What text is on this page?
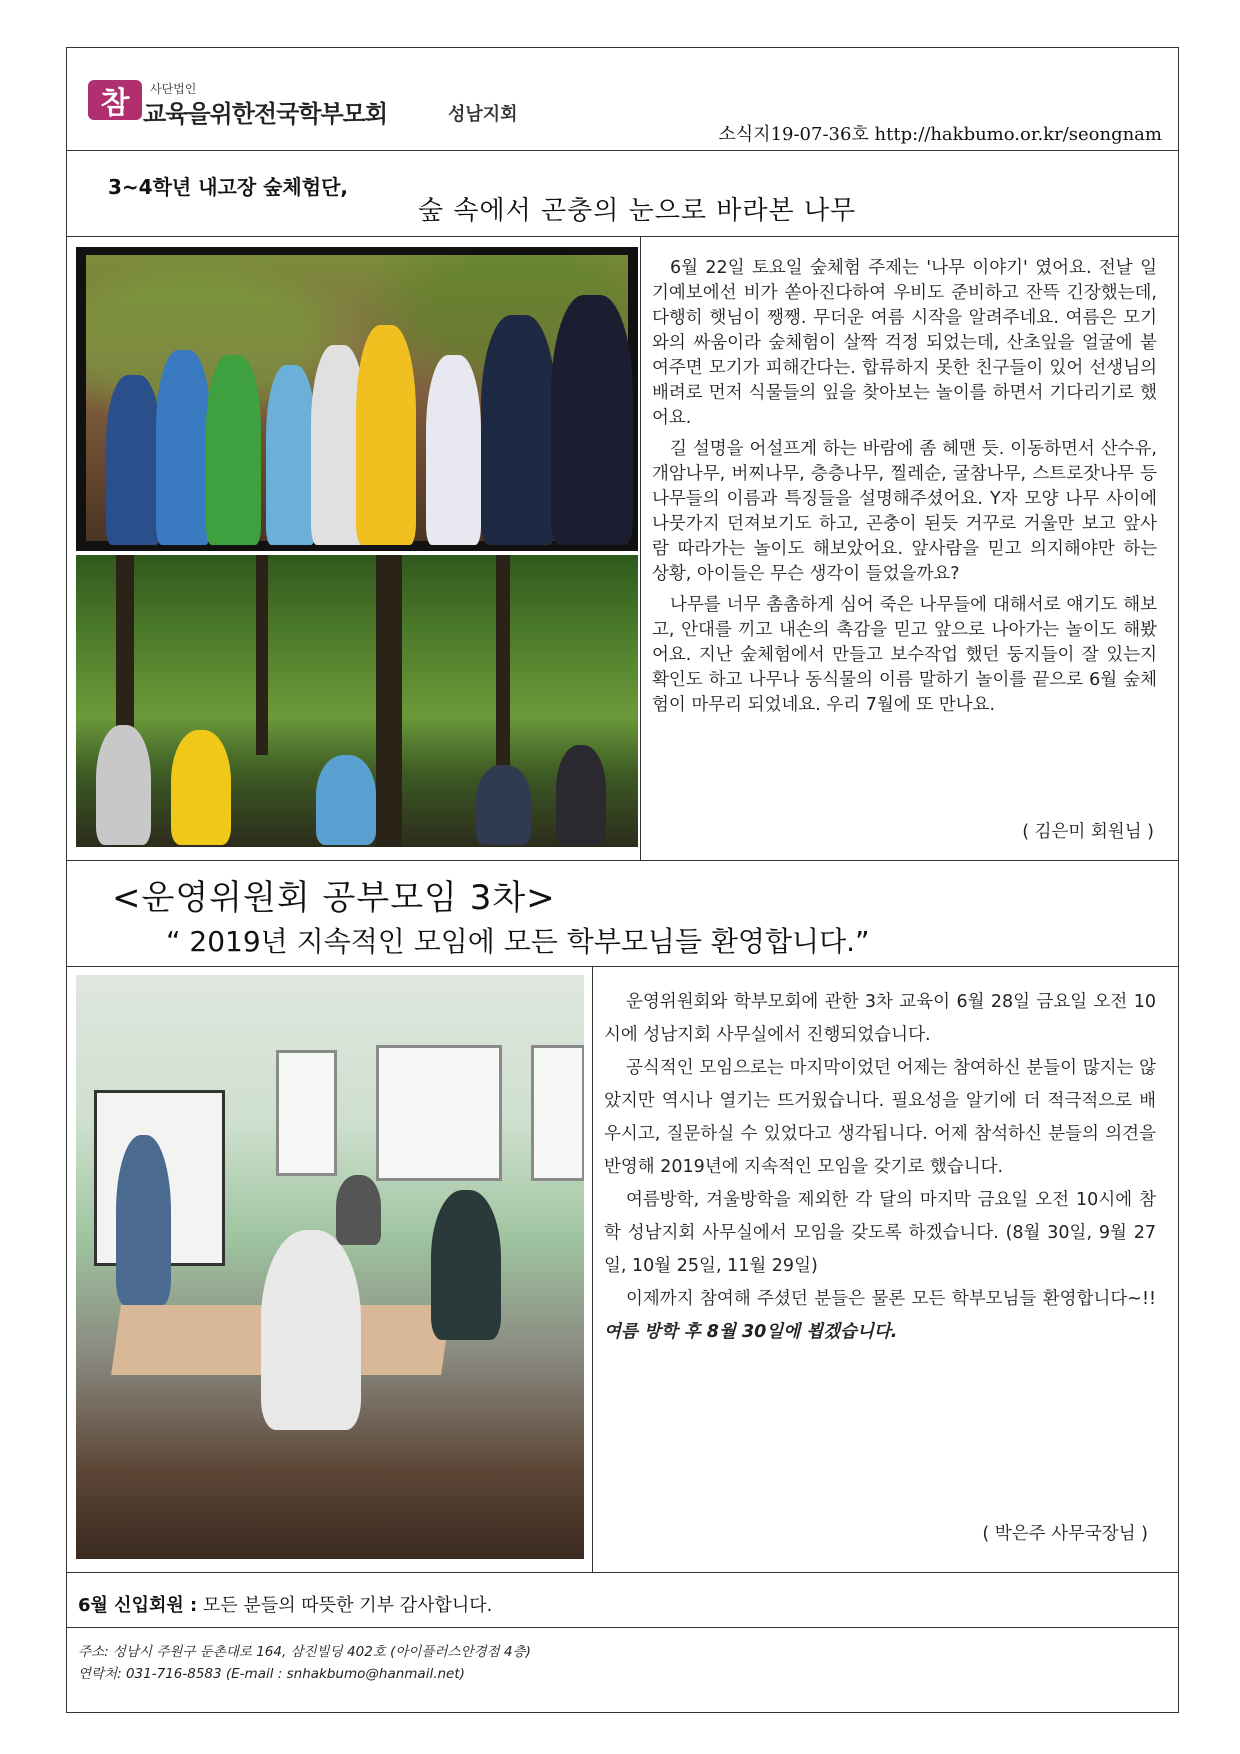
참 사단법인
교육을위한전국학부모회	성남지회
소식지19-07-36호 http://hakbumo.or.kr/seongnam
3~4학년 내고장 숲체험단,
숲 속에서 곤충의 눈으로 바라본 나무

6월 22일 토요일 숲체험 주제는 '나무 이야기' 였어요. 전날 일기예보에선 비가 쏟아진다하여 우비도 준비하고 잔뜩 긴장했는데, 다행히 햇님이 쨍쨍. 무더운 여름 시작을 알려주네요. 여름은 모기와의 싸움이라 숲체험이 살짝 걱정 되었는데, 산초잎을 얼굴에 붙여주면 모기가 피해간다는. 합류하지 못한 친구들이 있어 선생님의 배려로 먼저 식물들의 잎을 찾아보는 놀이를 하면서 기다리기로 했어요.

길 설명을 어설프게 하는 바람에 좀 헤맨 듯. 이동하면서 산수유, 개암나무, 버찌나무, 층층나무, 찔레순, 굴참나무, 스트로잣나무 등 나무들의 이름과 특징들을 설명해주셨어요. Y자 모양 나무 사이에 나뭇가지 던져보기도 하고, 곤충이 된듯 거꾸로 거울만 보고 앞사람 따라가는 놀이도 해보았어요. 앞사람을 믿고 의지해야만 하는 상황, 아이들은 무슨 생각이 들었을까요?

나무를 너무 촘촘하게 심어 죽은 나무들에 대해서로 얘기도 해보고, 안대를 끼고 내손의 촉감을 믿고 앞으로 나아가는 놀이도 해봤어요. 지난 숲체험에서 만들고 보수작업 했던 둥지들이 잘 있는지 확인도 하고 나무나 동식물의 이름 말하기 놀이를 끝으로 6월 숲체험이 마무리 되었네요. 우리 7월에 또 만나요.

( 김은미 회원님 )
<운영위원회 공부모임 3차>
“ 2019년 지속적인 모임에 모든 학부모님들 환영합니다.”

운영위원회와 학부모회에 관한 3차 교육이 6월 28일 금요일 오전 10시에 성남지회 사무실에서 진행되었습니다.

공식적인 모임으로는 마지막이었던 어제는 참여하신 분들이 많지는 않았지만 역시나 열기는 뜨거웠습니다. 필요성을 알기에 더 적극적으로 배우시고, 질문하실 수 있었다고 생각됩니다. 어제 참석하신 분들의 의견을 반영해 2019년에 지속적인 모임을 갖기로 했습니다.

여름방학, 겨울방학을 제외한 각 달의 마지막 금요일 오전 10시에 참학 성남지회 사무실에서 모임을 갖도록 하겠습니다. (8월 30일, 9월 27일, 10월 25일, 11월 29일)

이제까지 참여해 주셨던 분들은 물론 모든 학부모님들 환영합니다~!! 여름 방학 후 8월 30일에 뵙겠습니다.

( 박은주 사무국장님 )
6월 신입회원 : 모든 분들의 따뜻한 기부 감사합니다.
주소: 성남시 주원구 둔촌대로 164, 삼진빌딩 402호 (아이플러스안경점 4층)
연락처: 031-716-8583 (E-mail : snhakbumo@hanmail.net)
